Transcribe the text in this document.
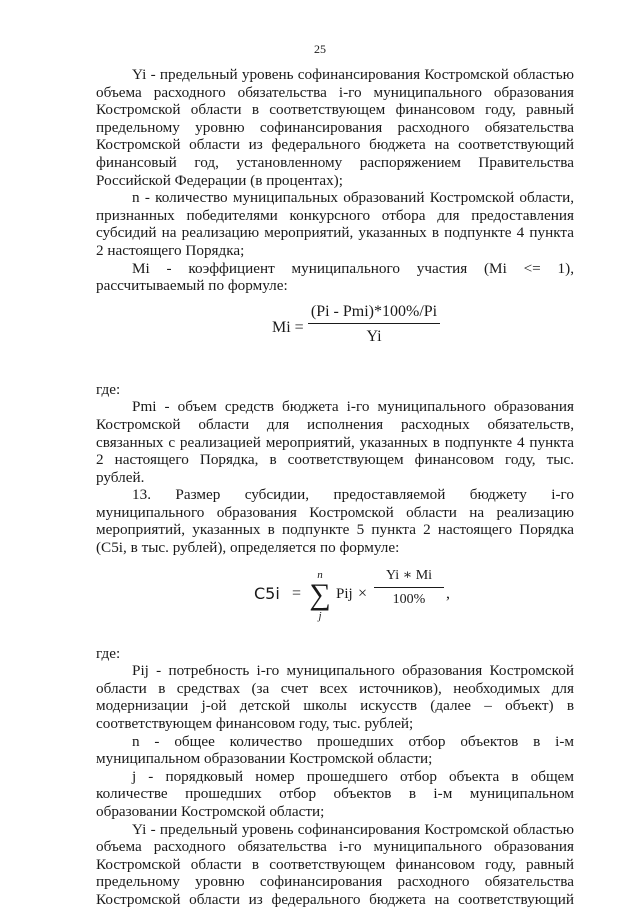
25

Yi - предельный уровень софинансирования Костромской областью объема расходного обязательства i-го муниципального образования Костромской области в соответствующем финансовом году, равный предельному уровню софинансирования расходного обязательства Костромской области из федерального бюджета на соответствующий финансовый год, установленному распоряжением Правительства Российской Федерации (в процентах);

n - количество муниципальных образований Костромской области, признанных победителями конкурсного отбора для предоставления субсидий на реализацию мероприятий, указанных в подпункте 4 пункта 2 настоящего Порядка;

Mi - коэффициент муниципального участия (Mi <= 1), рассчитываемый по формуле:

Mi =
(Pi - Pmi)*100%/Pi
Yi

где:

Pmi - объем средств бюджета i-го муниципального образования Костромской области для исполнения расходных обязательств, связанных с реализацией мероприятий, указанных в подпункте 4 пункта 2 настоящего Порядка, в соответствующем финансовом году, тыс. рублей.

13. Размер субсидии, предоставляемой бюджету i-го муниципального образования Костромской области на реализацию мероприятий, указанных в подпункте 5 пункта 2 настоящего Порядка (C5i, в тыс. рублей), определяется по формуле:

C5i =
n
∑
j
Pij ×
Yi ∗ Mi
100%	,

где:

Pij - потребность i-го муниципального образования Костромской области в средствах (за счет всех источников), необходимых для модернизации j-ой детской школы искусств (далее – объект) в соответствующем финансовом году, тыс. рублей;

n - общее количество прошедших отбор объектов в i-м муниципальном образовании Костромской области;

j - порядковый номер прошедшего отбор объекта в общем количестве прошедших отбор объектов в i-м муниципальном образовании Костромской области;

Yi - предельный уровень софинансирования Костромской областью объема расходного обязательства i-го муниципального образования Костромской области в соответствующем финансовом году, равный предельному уровню софинансирования расходного обязательства Костромской области из федерального бюджета на соответствующий
